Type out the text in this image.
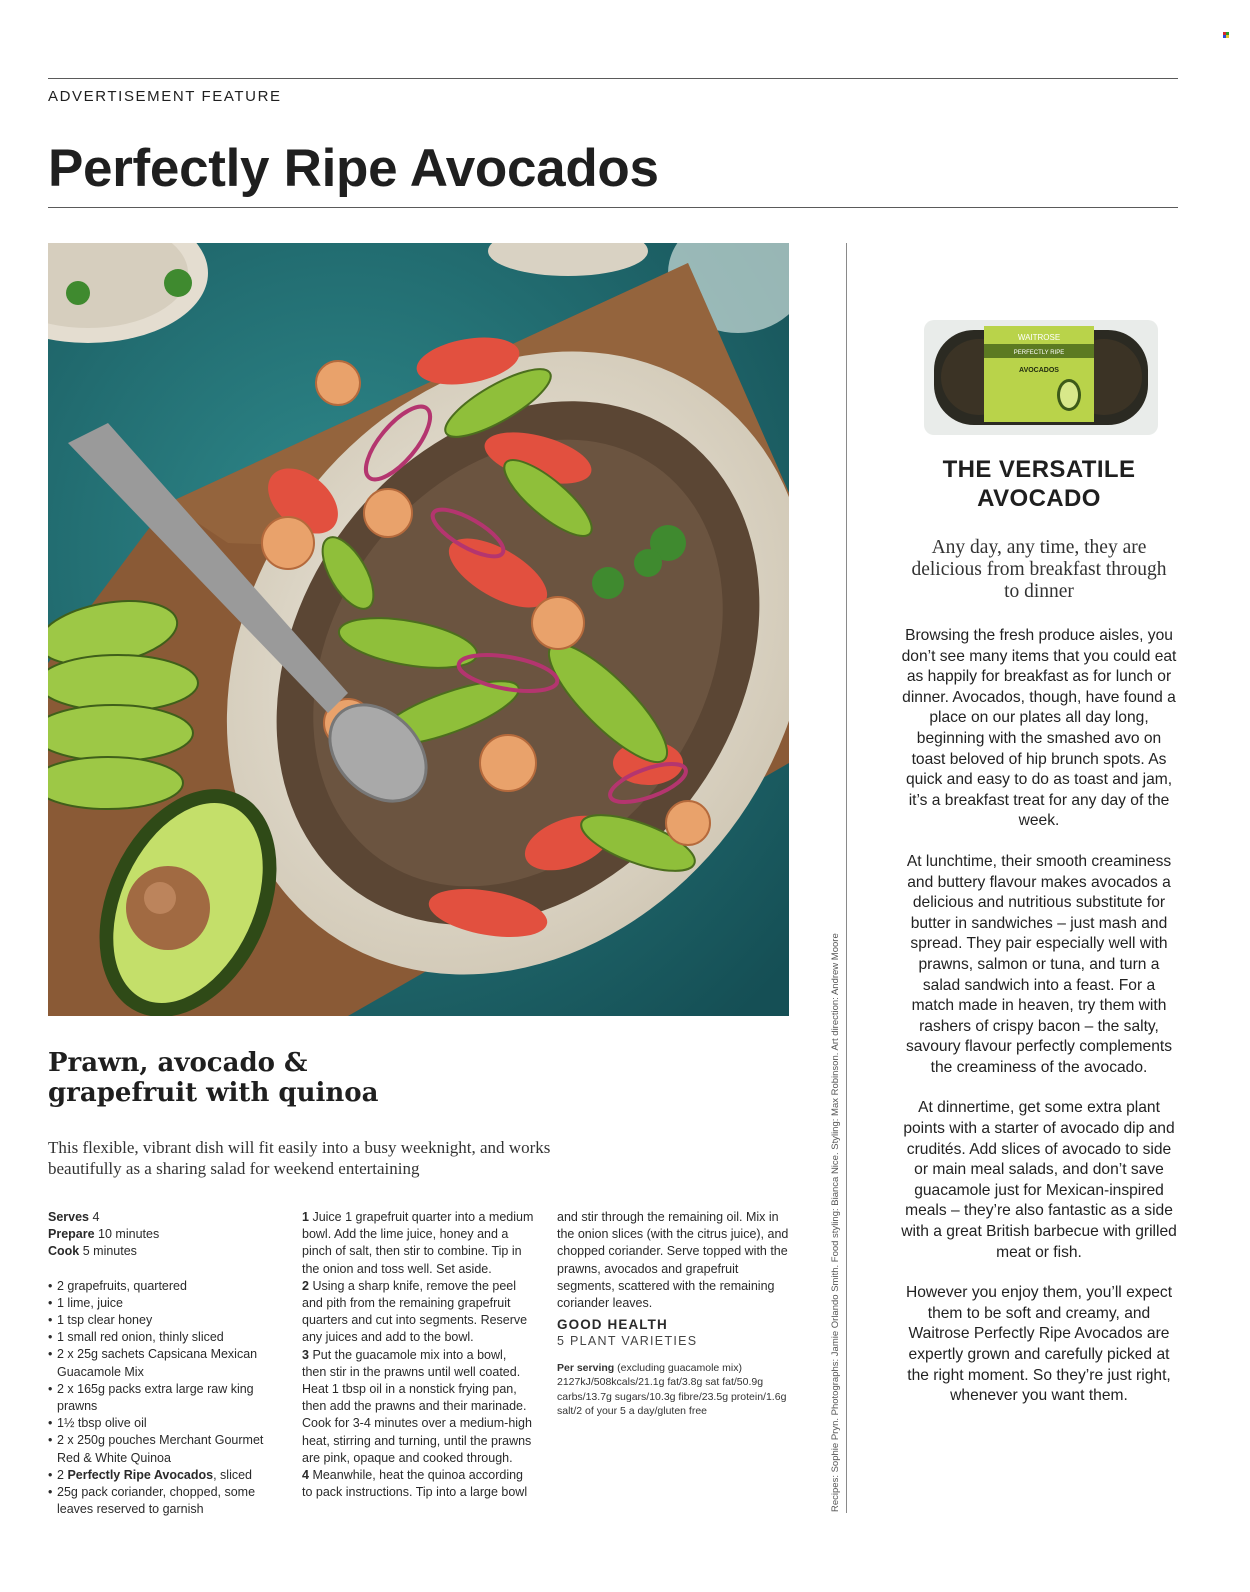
ADVERTISEMENT FEATURE
Perfectly Ripe Avocados
Prawn, avocado &
grapefruit with quinoa
This flexible, vibrant dish will fit easily into a busy weeknight, and works beautifully as a sharing salad for weekend entertaining
Serves 4
Prepare 10 minutes
Cook 5 minutes
• 2 grapefruits, quartered
• 1 lime, juice
• 1 tsp clear honey
• 1 small red onion, thinly sliced
• 2 x 25g sachets Capsicana Mexican Guacamole Mix
• 2 x 165g packs extra large raw king prawns
• 1½ tbsp olive oil
• 2 x 250g pouches Merchant Gourmet Red & White Quinoa
• 2 Perfectly Ripe Avocados, sliced
• 25g pack coriander, chopped, some leaves reserved to garnish
1 Juice 1 grapefruit quarter into a medium bowl. Add the lime juice, honey and a pinch of salt, then stir to combine. Tip in the onion and toss well. Set aside.
2 Using a sharp knife, remove the peel and pith from the remaining grapefruit quarters and cut into segments. Reserve any juices and add to the bowl.
3 Put the guacamole mix into a bowl, then stir in the prawns until well coated. Heat 1 tbsp oil in a nonstick frying pan, then add the prawns and their marinade. Cook for 3-4 minutes over a medium-high heat, stirring and turning, until the prawns are pink, opaque and cooked through.
4 Meanwhile, heat the quinoa according to pack instructions. Tip into a large bowl
and stir through the remaining oil. Mix in the onion slices (with the citrus juice), and chopped coriander. Serve topped with the prawns, avocados and grapefruit segments, scattered with the remaining coriander leaves.
GOOD HEALTH
5 PLANT VARIETIES
Per serving (excluding guacamole mix) 2127kJ/508kcals/21.1g fat/3.8g sat fat/50.9g carbs/13.7g sugars/10.3g fibre/23.5g protein/1.6g salt/2 of your 5 a day/gluten free	Recipes: Sophie Pryn. Photographs: Jamie Orlando Smith. Food styling: Bianca Nice. Styling: Max Robinson. Art direction: Andrew Moore
WAITROSE
PERFECTLY RIPE
AVOCADOS
THE VERSATILE
AVOCADO
Any day, any time, they are delicious from breakfast through to dinner

Browsing the fresh produce aisles, you don’t see many items that you could eat as happily for breakfast as for lunch or dinner. Avocados, though, have found a place on our plates all day long, beginning with the smashed avo on toast beloved of hip brunch spots. As quick and easy to do as toast and jam, it’s a breakfast treat for any day of the week.

At lunchtime, their smooth creaminess and buttery flavour makes avocados a delicious and nutritious substitute for butter in sandwiches – just mash and spread. They pair especially well with prawns, salmon or tuna, and turn a salad sandwich into a feast. For a match made in heaven, try them with rashers of crispy bacon – the salty, savoury flavour perfectly complements the creaminess of the avocado.

At dinnertime, get some extra plant points with a starter of avocado dip and crudités. Add slices of avocado to side or main meal salads, and don’t save guacamole just for Mexican-inspired meals – they’re also fantastic as a side with a great British barbecue with grilled meat or fish.

However you enjoy them, you’ll expect them to be soft and creamy, and Waitrose Perfectly Ripe Avocados are expertly grown and carefully picked at the right moment. So they’re just right, whenever you want them.
